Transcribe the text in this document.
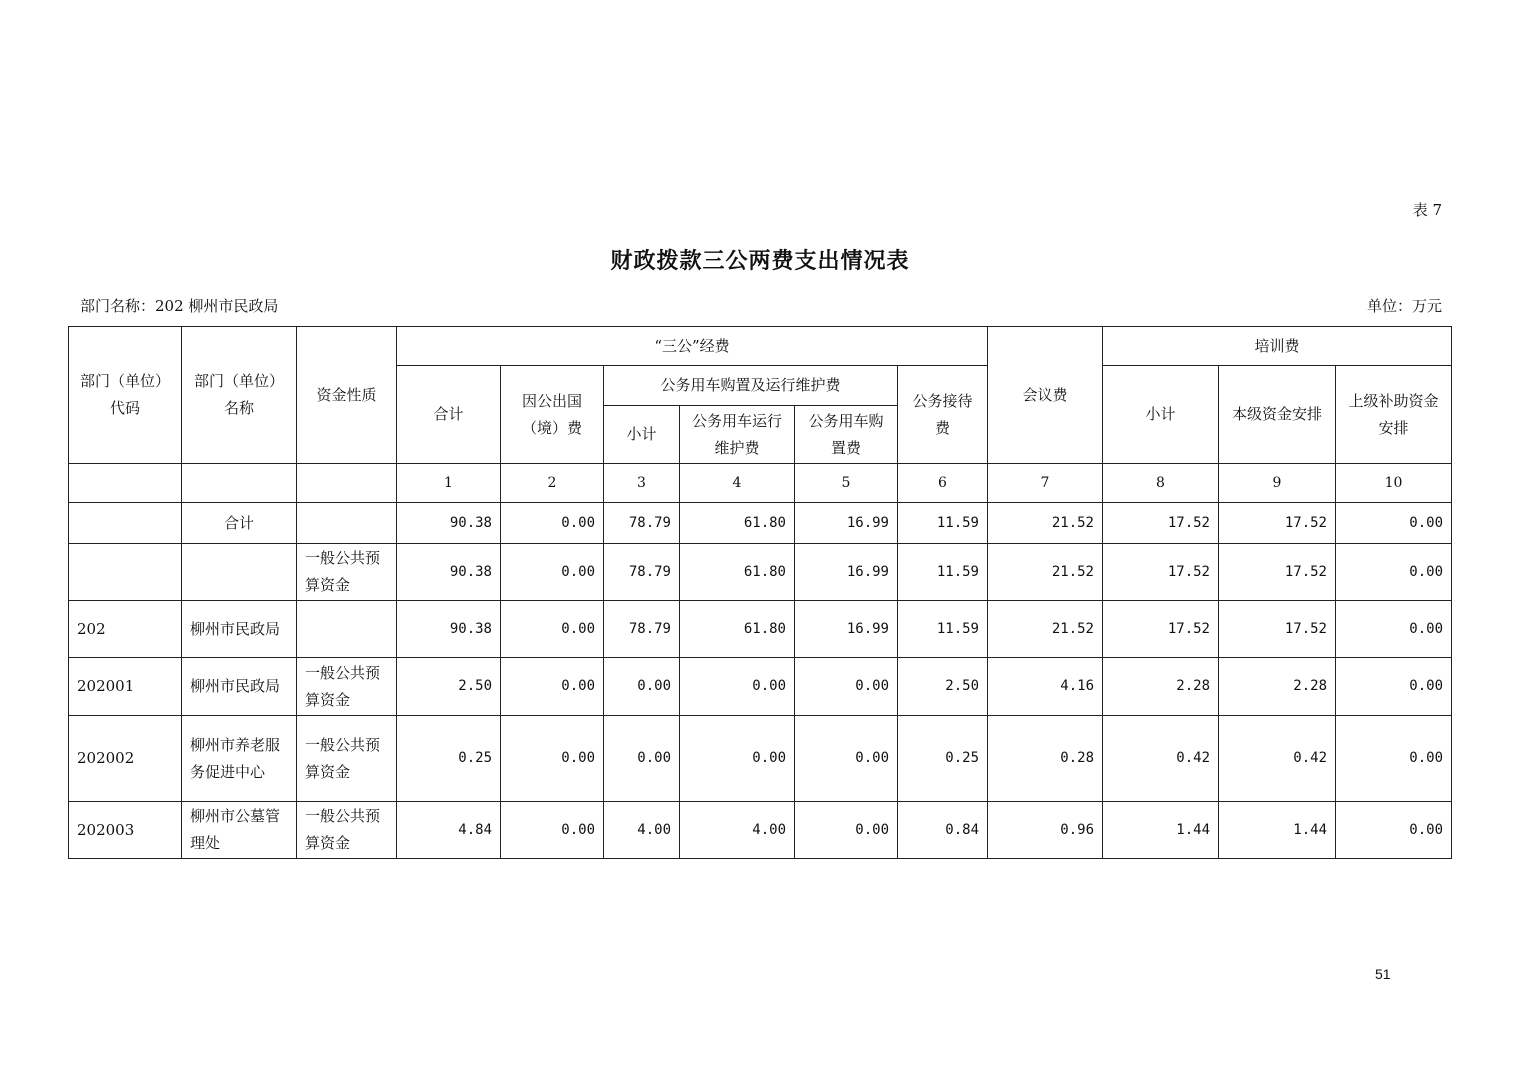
表 7
财政拨款三公两费支出情况表
部门名称：202 柳州市民政局	单位：万元
部门（单位）代码	部门（单位）名称	资金性质	“三公”经费						会议费	培训费		
			合计	因公出国（境）费	公务用车购置及运行维护费			公务接待费		小计	本级资金安排	上级补助资金安排
					小计	公务用车运行维护费	公务用车购置费					
			1	2	3	4	5	6	7	8	9	10
	合计		90.38	0.00	78.79	61.80	16.99	11.59	21.52	17.52	17.52	0.00
		一般公共预算资金	90.38	0.00	78.79	61.80	16.99	11.59	21.52	17.52	17.52	0.00
202	柳州市民政局		90.38	0.00	78.79	61.80	16.99	11.59	21.52	17.52	17.52	0.00
202001	柳州市民政局	一般公共预算资金	2.50	0.00	0.00	0.00	0.00	2.50	4.16	2.28	2.28	0.00
202002	柳州市养老服务促进中心	一般公共预算资金	0.25	0.00	0.00	0.00	0.00	0.25	0.28	0.42	0.42	0.00
202003	柳州市公墓管理处	一般公共预算资金	4.84	0.00	4.00	4.00	0.00	0.84	0.96	1.44	1.44	0.00
51
